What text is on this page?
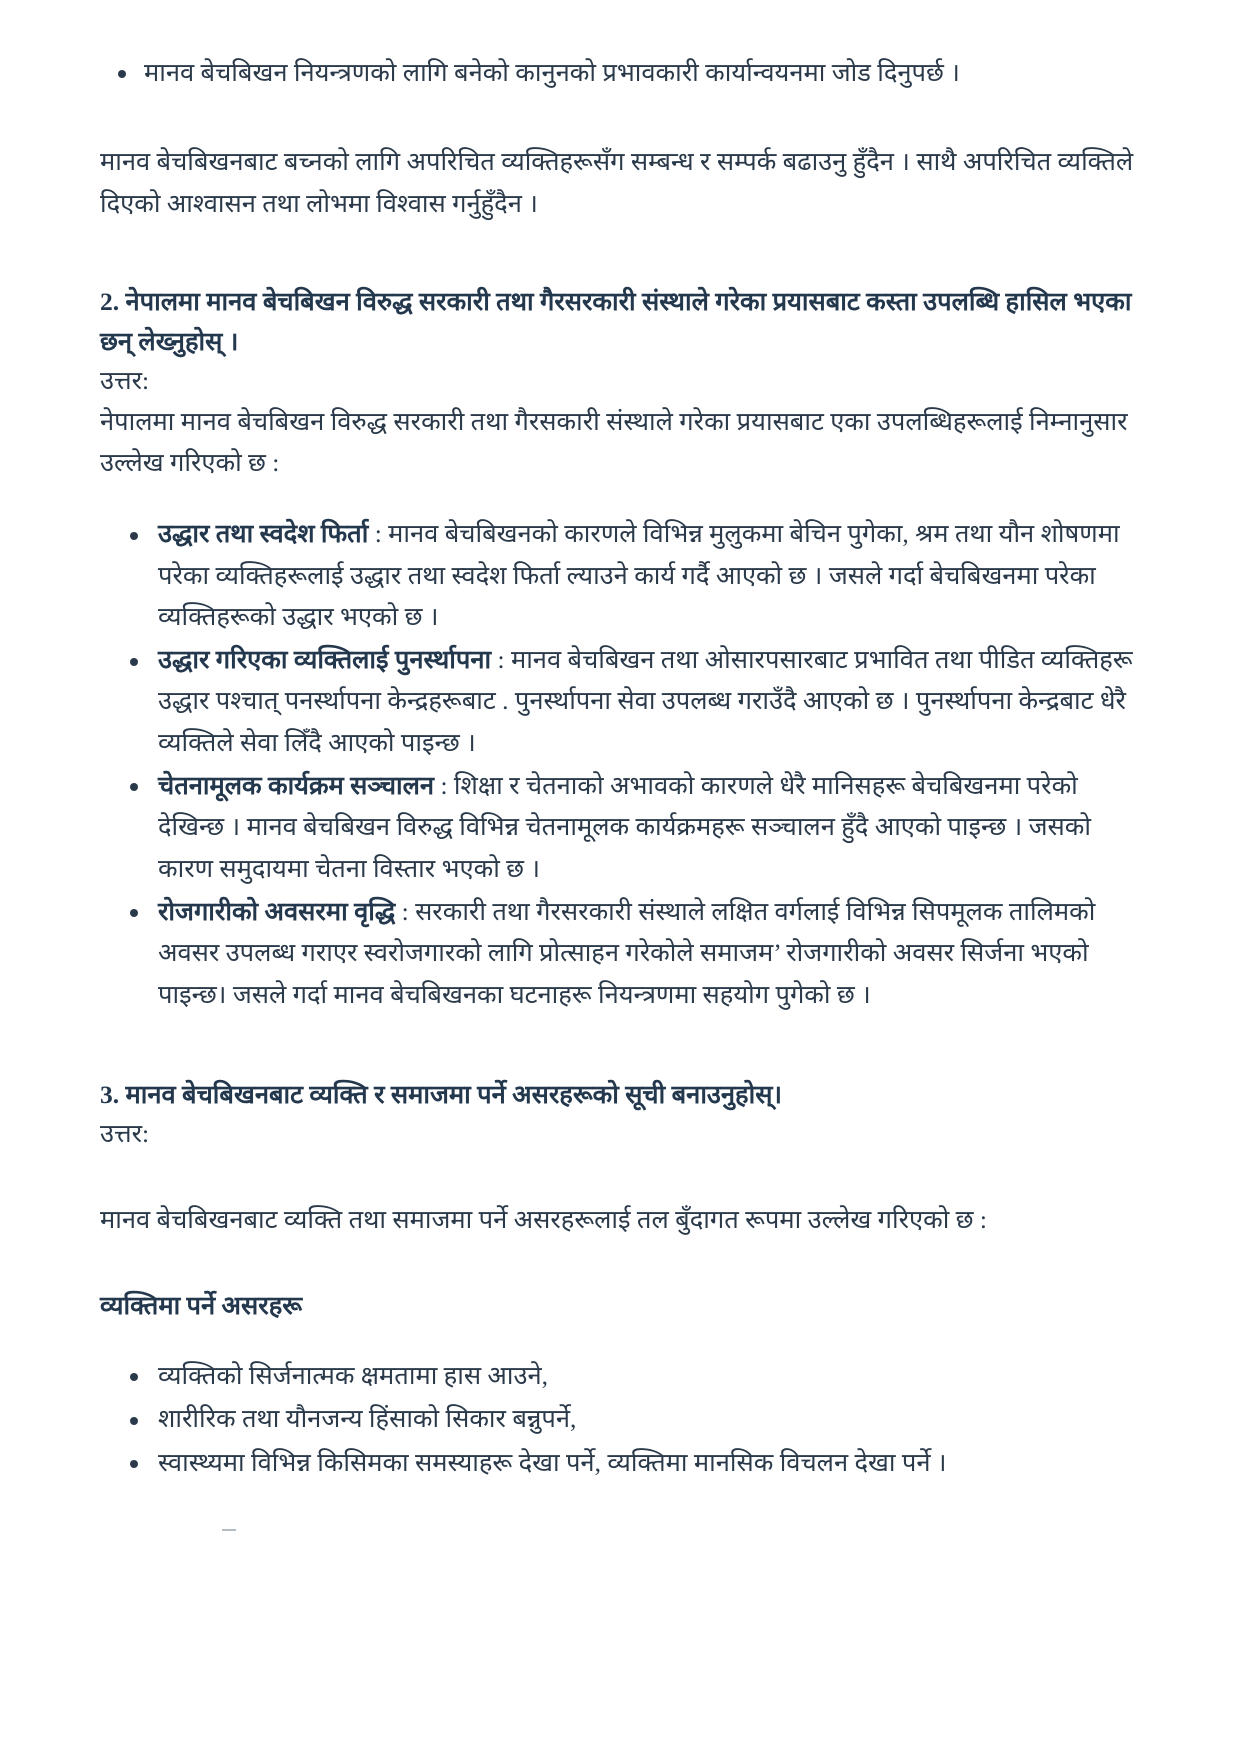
मानव बेचबिखन नियन्त्रणको लागि बनेको कानुनको प्रभावकारी कार्यान्वयनमा जोड दिनुपर्छ ।

मानव बेचबिखनबाट बच्नको लागि अपरिचित व्यक्तिहरूसँग सम्बन्ध र सम्पर्क बढाउनु हुँदैन । साथै अपरिचित व्यक्तिले दिएको आश्वासन तथा लोभमा विश्वास गर्नुहुँदैन ।

2. नेपालमा मानव बेचबिखन विरुद्ध सरकारी तथा गैरसरकारी संस्थाले गरेका प्रयासबाट कस्ता उपलब्धि हासिल भएका छन् लेख्नुहोस् ।

उत्तर:

नेपालमा मानव बेचबिखन विरुद्ध सरकारी तथा गैरसकारी संस्थाले गरेका प्रयासबाट एका उपलब्धिहरूलाई निम्नानुसार उल्लेख गरिएको छ :

उद्धार तथा स्वदेश फिर्ता : मानव बेचबिखनको कारणले विभिन्न मुलुकमा बेचिन पुगेका, श्रम तथा यौन शोषणमा परेका व्यक्तिहरूलाई उद्धार तथा स्वदेश फिर्ता ल्याउने कार्य गर्दै आएको छ । जसले गर्दा बेचबिखनमा परेका व्यक्तिहरूको उद्धार भएको छ ।
उद्धार गरिएका व्यक्तिलाई पुनर्स्थापना : मानव बेचबिखन तथा ओसारपसारबाट प्रभावित तथा पीडित व्यक्तिहरू उद्धार पश्चात् पनर्स्थापना केन्द्रहरूबाट . पुनर्स्थापना सेवा उपलब्ध गराउँदै आएको छ । पुनर्स्थापना केन्द्रबाट धेरै व्यक्तिले सेवा लिँदै आएको पाइन्छ ।
चेतनामूलक कार्यक्रम सञ्चालन : शिक्षा र चेतनाको अभावको कारणले धेरै मानिसहरू बेचबिखनमा परेको देखिन्छ । मानव बेचबिखन विरुद्ध विभिन्न चेतनामूलक कार्यक्रमहरू सञ्चालन हुँदै आएको पाइन्छ । जसको कारण समुदायमा चेतना विस्तार भएको छ ।
रोजगारीको अवसरमा वृद्धि : सरकारी तथा गैरसरकारी संस्थाले लक्षित वर्गलाई विभिन्न सिपमूलक तालिमको अवसर उपलब्ध गराएर स्वरोजगारको लागि प्रोत्साहन गरेकोले समाजम’ रोजगारीको अवसर सिर्जना भएको पाइन्छ। जसले गर्दा मानव बेचबिखनका घटनाहरू नियन्त्रणमा सहयोग पुगेको छ ।

3. मानव बेचबिखनबाट व्यक्ति र समाजमा पर्ने असरहरूको सूची बनाउनुहोस्।

उत्तर:

मानव बेचबिखनबाट व्यक्ति तथा समाजमा पर्ने असरहरूलाई तल बुँदागत रूपमा उल्लेख गरिएको छ :

व्यक्तिमा पर्ने असरहरू

व्यक्तिको सिर्जनात्मक क्षमतामा हास आउने,
शारीरिक तथा यौनजन्य हिंसाको सिकार बन्नुपर्ने,
स्वास्थ्यमा विभिन्न किसिमका समस्याहरू देखा पर्ने, व्यक्तिमा मानसिक विचलन देखा पर्ने ।
